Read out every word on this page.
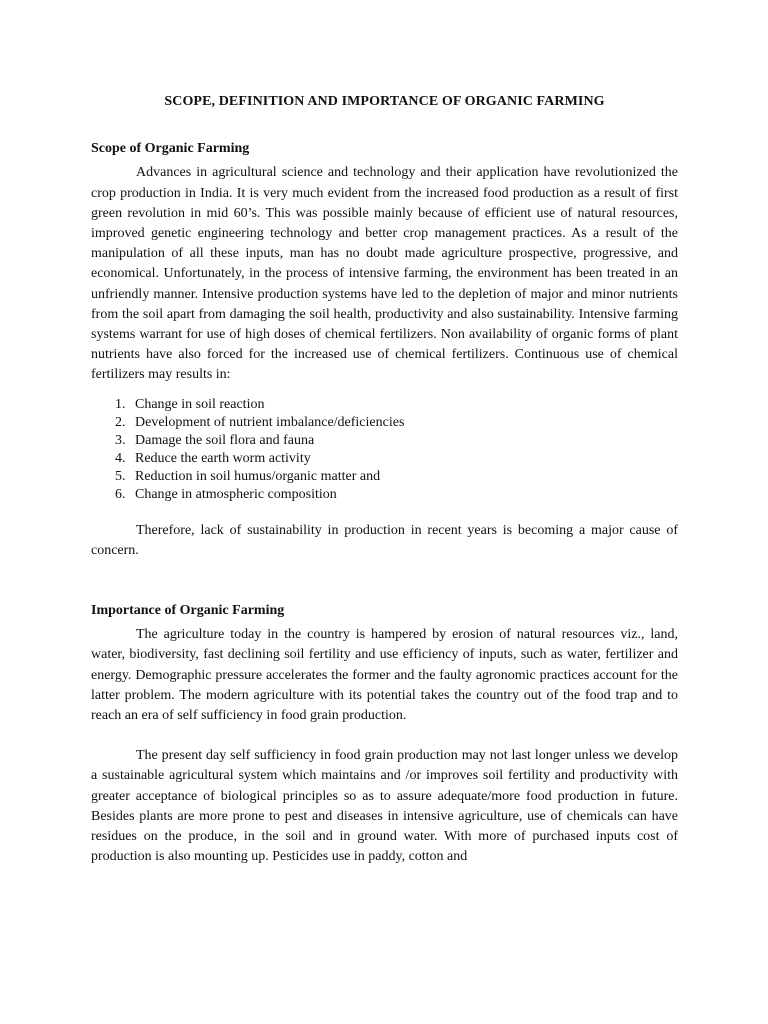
SCOPE, DEFINITION AND IMPORTANCE OF ORGANIC FARMING
Scope of Organic Farming

Advances in agricultural science and technology and their application have revolutionized the crop production in India. It is very much evident from the increased food production as a result of first green revolution in mid 60’s. This was possible mainly because of efficient use of natural resources, improved genetic engineering technology and better crop management practices. As a result of the manipulation of all these inputs, man has no doubt made agriculture prospective, progressive, and economical. Unfortunately, in the process of intensive farming, the environment has been treated in an unfriendly manner. Intensive production systems have led to the depletion of major and minor nutrients from the soil apart from damaging the soil health, productivity and also sustainability. Intensive farming systems warrant for use of high doses of chemical fertilizers. Non availability of organic forms of plant nutrients have also forced for the increased use of chemical fertilizers. Continuous use of chemical fertilizers may results in:

1. Change in soil reaction
2. Development of nutrient imbalance/deficiencies
3. Damage the soil flora and fauna
4. Reduce the earth worm activity
5. Reduction in soil humus/organic matter and
6. Change in atmospheric composition

Therefore, lack of sustainability in production in recent years is becoming a major cause of concern.

Importance of Organic Farming

The agriculture today in the country is hampered by erosion of natural resources viz., land, water, biodiversity, fast declining soil fertility and use efficiency of inputs, such as water, fertilizer and energy. Demographic pressure accelerates the former and the faulty agronomic practices account for the latter problem. The modern agriculture with its potential takes the country out of the food trap and to reach an era of self sufficiency in food grain production.

The present day self sufficiency in food grain production may not last longer unless we develop a sustainable agricultural system which maintains and /or improves soil fertility and productivity with greater acceptance of biological principles so as to assure adequate/more food production in future. Besides plants are more prone to pest and diseases in intensive agriculture, use of chemicals can have residues on the produce, in the soil and in ground water. With more of purchased inputs cost of production is also mounting up. Pesticides use in paddy, cotton and
